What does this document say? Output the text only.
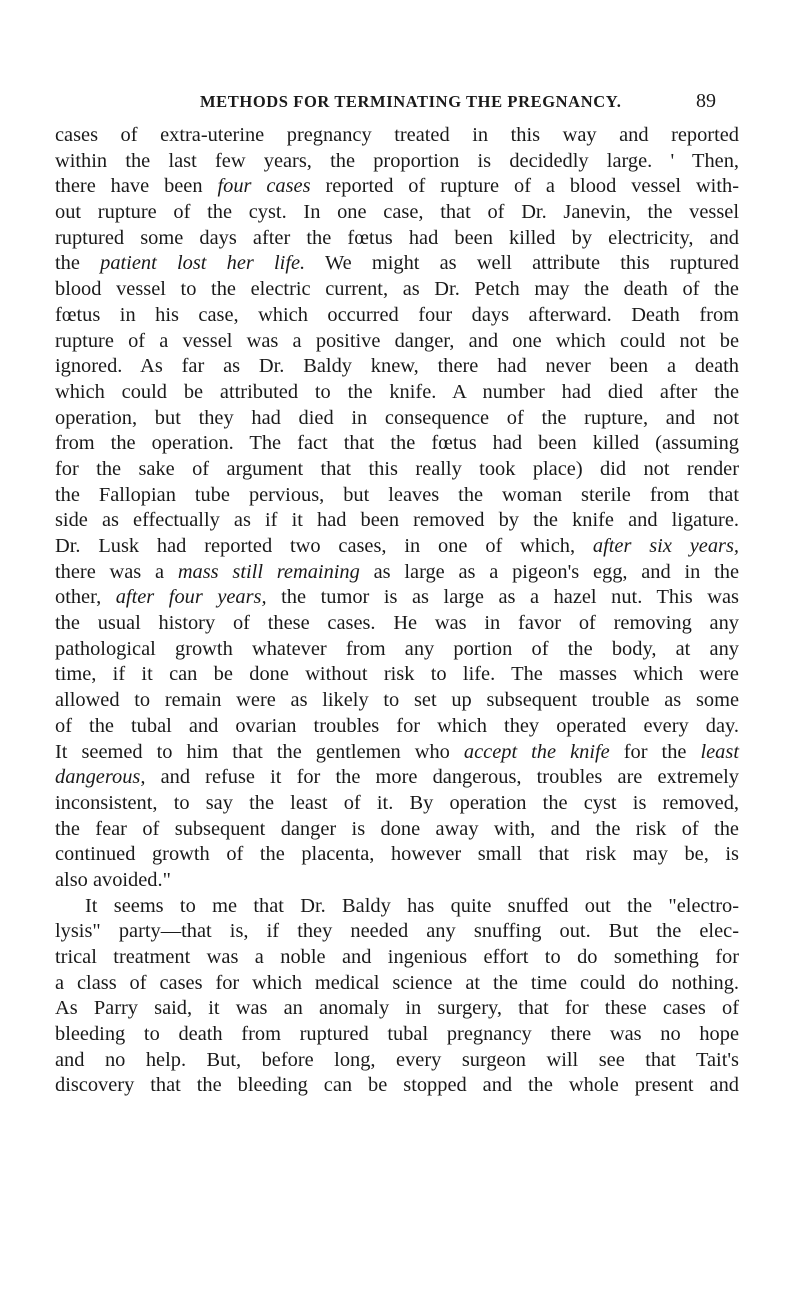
METHODS FOR TERMINATING THE PREGNANCY.	89
cases of extra-uterine pregnancy treated in this way and reported
within the last few years, the proportion is decidedly large. ' Then,
there have been four cases reported of rupture of a blood vessel with-
out rupture of the cyst. In one case, that of Dr. Janevin, the vessel
ruptured some days after the fœtus had been killed by electricity, and
the patient lost her life. We might as well attribute this ruptured
blood vessel to the electric current, as Dr. Petch may the death of the
fœtus in his case, which occurred four days afterward. Death from
rupture of a vessel was a positive danger, and one which could not be
ignored. As far as Dr. Baldy knew, there had never been a death
which could be attributed to the knife. A number had died after the
operation, but they had died in consequence of the rupture, and not
from the operation. The fact that the fœtus had been killed (assuming
for the sake of argument that this really took place) did not render
the Fallopian tube pervious, but leaves the woman sterile from that
side as effectually as if it had been removed by the knife and ligature.
Dr. Lusk had reported two cases, in one of which, after six years,
there was a mass still remaining as large as a pigeon's egg, and in the
other, after four years, the tumor is as large as a hazel nut. This was
the usual history of these cases. He was in favor of removing any
pathological growth whatever from any portion of the body, at any
time, if it can be done without risk to life. The masses which were
allowed to remain were as likely to set up subsequent trouble as some
of the tubal and ovarian troubles for which they operated every day.
It seemed to him that the gentlemen who accept the knife for the least
dangerous, and refuse it for the more dangerous, troubles are extremely
inconsistent, to say the least of it. By operation the cyst is removed,
the fear of subsequent danger is done away with, and the risk of the
continued growth of the placenta, however small that risk may be, is
also avoided."
It seems to me that Dr. Baldy has quite snuffed out the "electro-
lysis" party—that is, if they needed any snuffing out. But the elec-
trical treatment was a noble and ingenious effort to do something for
a class of cases for which medical science at the time could do nothing.
As Parry said, it was an anomaly in surgery, that for these cases of
bleeding to death from ruptured tubal pregnancy there was no hope
and no help. But, before long, every surgeon will see that Tait's
discovery that the bleeding can be stopped and the whole present and
